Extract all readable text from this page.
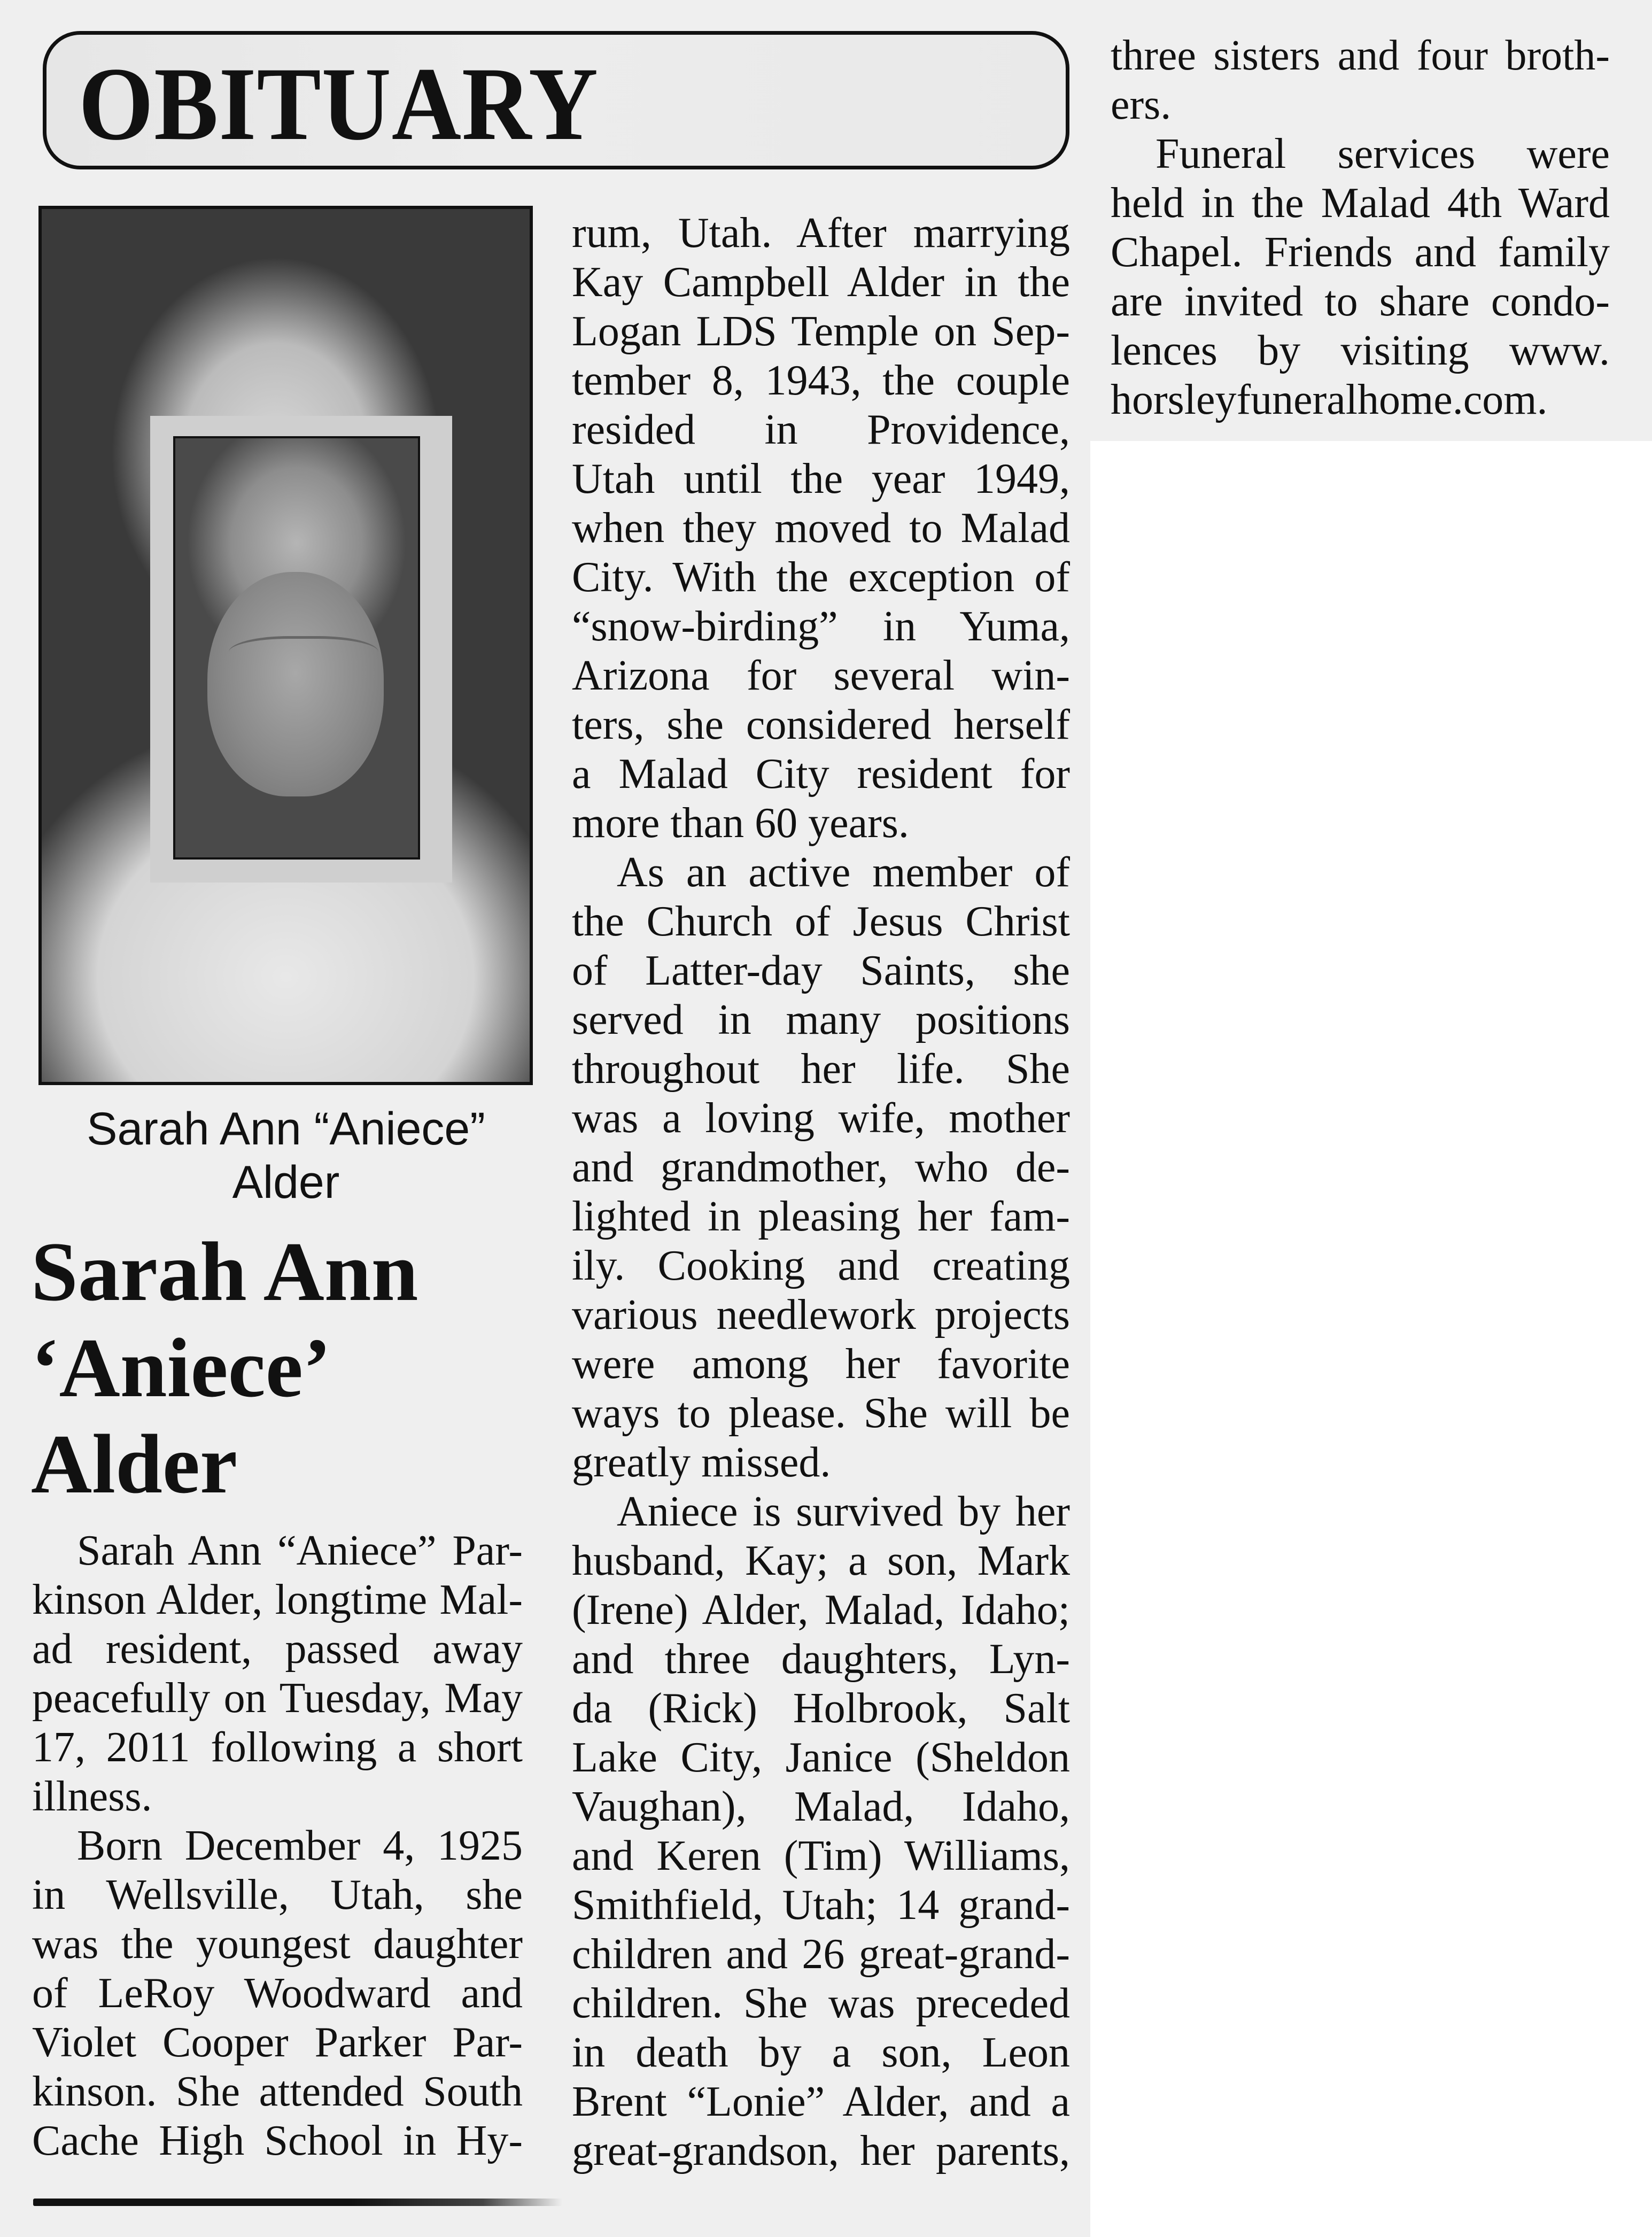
OBITUARY
Sarah Ann “Aniece”
Alder
Sarah Ann
‘Aniece’
Alder
Sarah Ann “Aniece” Par-
kinson Alder, longtime Mal-
ad resident, passed away
peacefully on Tuesday, May
17, 2011 following a short
illness.
Born December 4, 1925
in Wellsville, Utah, she
was the youngest daughter
of LeRoy Woodward and
Violet Cooper Parker Par-
kinson. She attended South
Cache High School in Hy-
rum, Utah. After marrying
Kay Campbell Alder in the
Logan LDS Temple on Sep-
tember 8, 1943, the couple
resided in Providence,
Utah until the year 1949,
when they moved to Malad
City. With the exception of
“snow-birding” in Yuma,
Arizona for several win-
ters, she considered herself
a Malad City resident for
more than 60 years.
As an active member of
the Church of Jesus Christ
of Latter-day Saints, she
served in many positions
throughout her life. She
was a loving wife, mother
and grandmother, who de-
lighted in pleasing her fam-
ily. Cooking and creating
various needlework projects
were among her favorite
ways to please. She will be
greatly missed.
Aniece is survived by her
husband, Kay; a son, Mark
(Irene) Alder, Malad, Idaho;
and three daughters, Lyn-
da (Rick) Holbrook, Salt
Lake City, Janice (Sheldon
Vaughan), Malad, Idaho,
and Keren (Tim) Williams,
Smithfield, Utah; 14 grand-
children and 26 great-grand-
children. She was preceded
in death by a son, Leon
Brent “Lonie” Alder, and a
great-grandson, her parents,
three sisters and four broth-
ers.
Funeral services were
held in the Malad 4th Ward
Chapel. Friends and family
are invited to share condo-
lences by visiting www.
horsleyfuneralhome.com.
